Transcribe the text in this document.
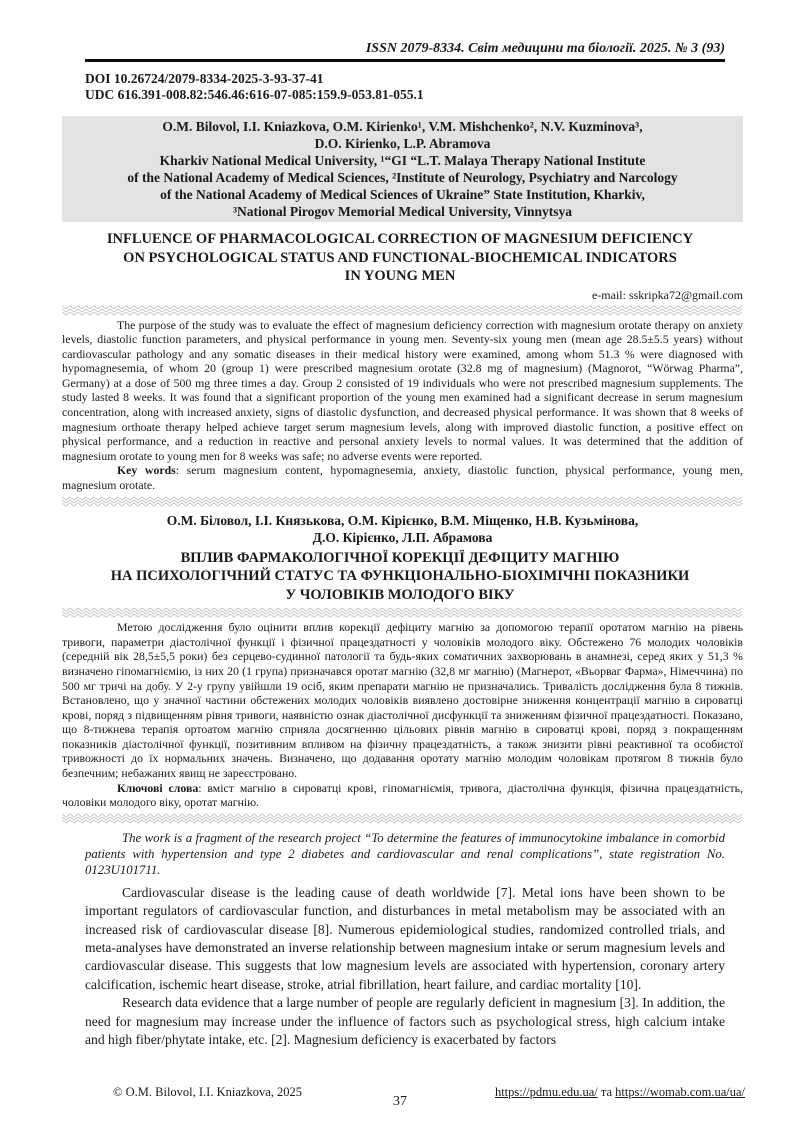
ISSN 2079-8334. Світ медицини та біології. 2025. № 3 (93)
DOI 10.26724/2079-8334-2025-3-93-37-41
UDC 616.391-008.82:546.46:616-07-085:159.9-053.81-055.1
O.M. Bilovol, I.I. Kniazkova, O.M. Kirienko¹, V.M. Mishchenko², N.V. Kuzminova³,
D.O. Kirienko, L.P. Abramova
Kharkiv National Medical University, ¹“GI “L.T. Malaya Therapy National Institute
of the National Academy of Medical Sciences, ²Institute of Neurology, Psychiatry and Narcology
of the National Academy of Medical Sciences of Ukraine” State Institution, Kharkiv,
³National Pirogov Memorial Medical University, Vinnytsya
INFLUENCE OF PHARMACOLOGICAL CORRECTION OF MAGNESIUM DEFICIENCY
ON PSYCHOLOGICAL STATUS AND FUNCTIONAL-BIOCHEMICAL INDICATORS
IN YOUNG MEN
e-mail: sskripka72@gmail.com

The purpose of the study was to evaluate the effect of magnesium deficiency correction with magnesium orotate therapy on anxiety levels, diastolic function parameters, and physical performance in young men. Seventy-six young men (mean age 28.5±5.5 years) without cardiovascular pathology and any somatic diseases in their medical history were examined, among whom 51.3 % were diagnosed with hypomagnesemia, of whom 20 (group 1) were prescribed magnesium orotate (32.8 mg of magnesium) (Magnorot, “Wörwag Pharma”, Germany) at a dose of 500 mg three times a day. Group 2 consisted of 19 individuals who were not prescribed magnesium supplements. The study lasted 8 weeks. It was found that a significant proportion of the young men examined had a significant decrease in serum magnesium concentration, along with increased anxiety, signs of diastolic dysfunction, and decreased physical performance. It was shown that 8 weeks of magnesium orthoate therapy helped achieve target serum magnesium levels, along with improved diastolic function, a positive effect on physical performance, and a reduction in reactive and personal anxiety levels to normal values. It was determined that the addition of magnesium orotate to young men for 8 weeks was safe; no adverse events were reported.

Key words: serum magnesium content, hypomagnesemia, anxiety, diastolic function, physical performance, young men, magnesium orotate.

О.М. Біловол, І.І. Князькова, О.М. Кірієнко, В.М. Міщенко, Н.В. Кузьмінова,
Д.О. Кірієнко, Л.П. Абрамова
ВПЛИВ ФАРМАКОЛОГІЧНОЇ КОРЕКЦІЇ ДЕФІЦИТУ МАГНІЮ
НА ПСИХОЛОГІЧНИЙ СТАТУС ТА ФУНКЦІОНАЛЬНО-БІОХІМІЧНІ ПОКАЗНИКИ
У ЧОЛОВІКІВ МОЛОДОГО ВІКУ

Метою дослідження було оцінити вплив корекції дефіциту магнію за допомогою терапії оротатом магнію на рівень тривоги, параметри діастолічної функції і фізичної працездатності у чоловіків молодого віку. Обстежено 76 молодих чоловіків (середній вік 28,5±5,5 роки) без серцево-судинної патології та будь-яких соматичних захворювань в анамнезі, серед яких у 51,3 % визначено гіпомагніємію, із них 20 (1 група) призначався оротат магнію (32,8 мг магнію) (Магнерот, «Вьорваг Фарма», Німеччина) по 500 мг тричі на добу. У 2-у групу увійшли 19 осіб, яким препарати магнію не призначались. Тривалість дослідження була 8 тижнів. Встановлено, що у значної частини обстежених молодих чоловіків виявлено достовірне зниження концентрації магнію в сироватці крові, поряд з підвищенням рівня тривоги, наявністю ознак діастолічної дисфункції та зниженням фізичної працездатності. Показано, що 8-тижнева терапія ортоатом магнію сприяла досягненню цільових рівнів магнію в сироватці крові, поряд з покращенням показників діастолічної функції, позитивним впливом на фізичну працездатність, а також знизити рівні реактивної та особистої тривожності до їх нормальних значень. Визначено, що додавання оротату магнію молодим чоловікам протягом 8 тижнів було безпечним; небажаних явищ не зареєстровано.

Ключові слова: вміст магнію в сироватці крові, гіпомагніємія, тривога, діастолічна функція, фізична працездатність, чоловіки молодого віку, оротат магнію.

The work is a fragment of the research project “To determine the features of immunocytokine imbalance in comorbid patients with hypertension and type 2 diabetes and cardiovascular and renal complications”, state registration No. 0123U101711.

Cardiovascular disease is the leading cause of death worldwide [7]. Metal ions have been shown to be important regulators of cardiovascular function, and disturbances in metal metabolism may be associated with an increased risk of cardiovascular disease [8]. Numerous epidemiological studies, randomized controlled trials, and meta-analyses have demonstrated an inverse relationship between magnesium intake or serum magnesium levels and cardiovascular disease. This suggests that low magnesium levels are associated with hypertension, coronary artery calcification, ischemic heart disease, stroke, atrial fibrillation, heart failure, and cardiac mortality [10].

Research data evidence that a large number of people are regularly deficient in magnesium [3]. In addition, the need for magnesium may increase under the influence of factors such as psychological stress, high calcium intake and high fiber/phytate intake, etc. [2]. Magnesium deficiency is exacerbated by factors

© O.M. Bilovol, I.I. Kniazkova, 2025
37
https://pdmu.edu.ua/ та https://womab.com.ua/ua/
